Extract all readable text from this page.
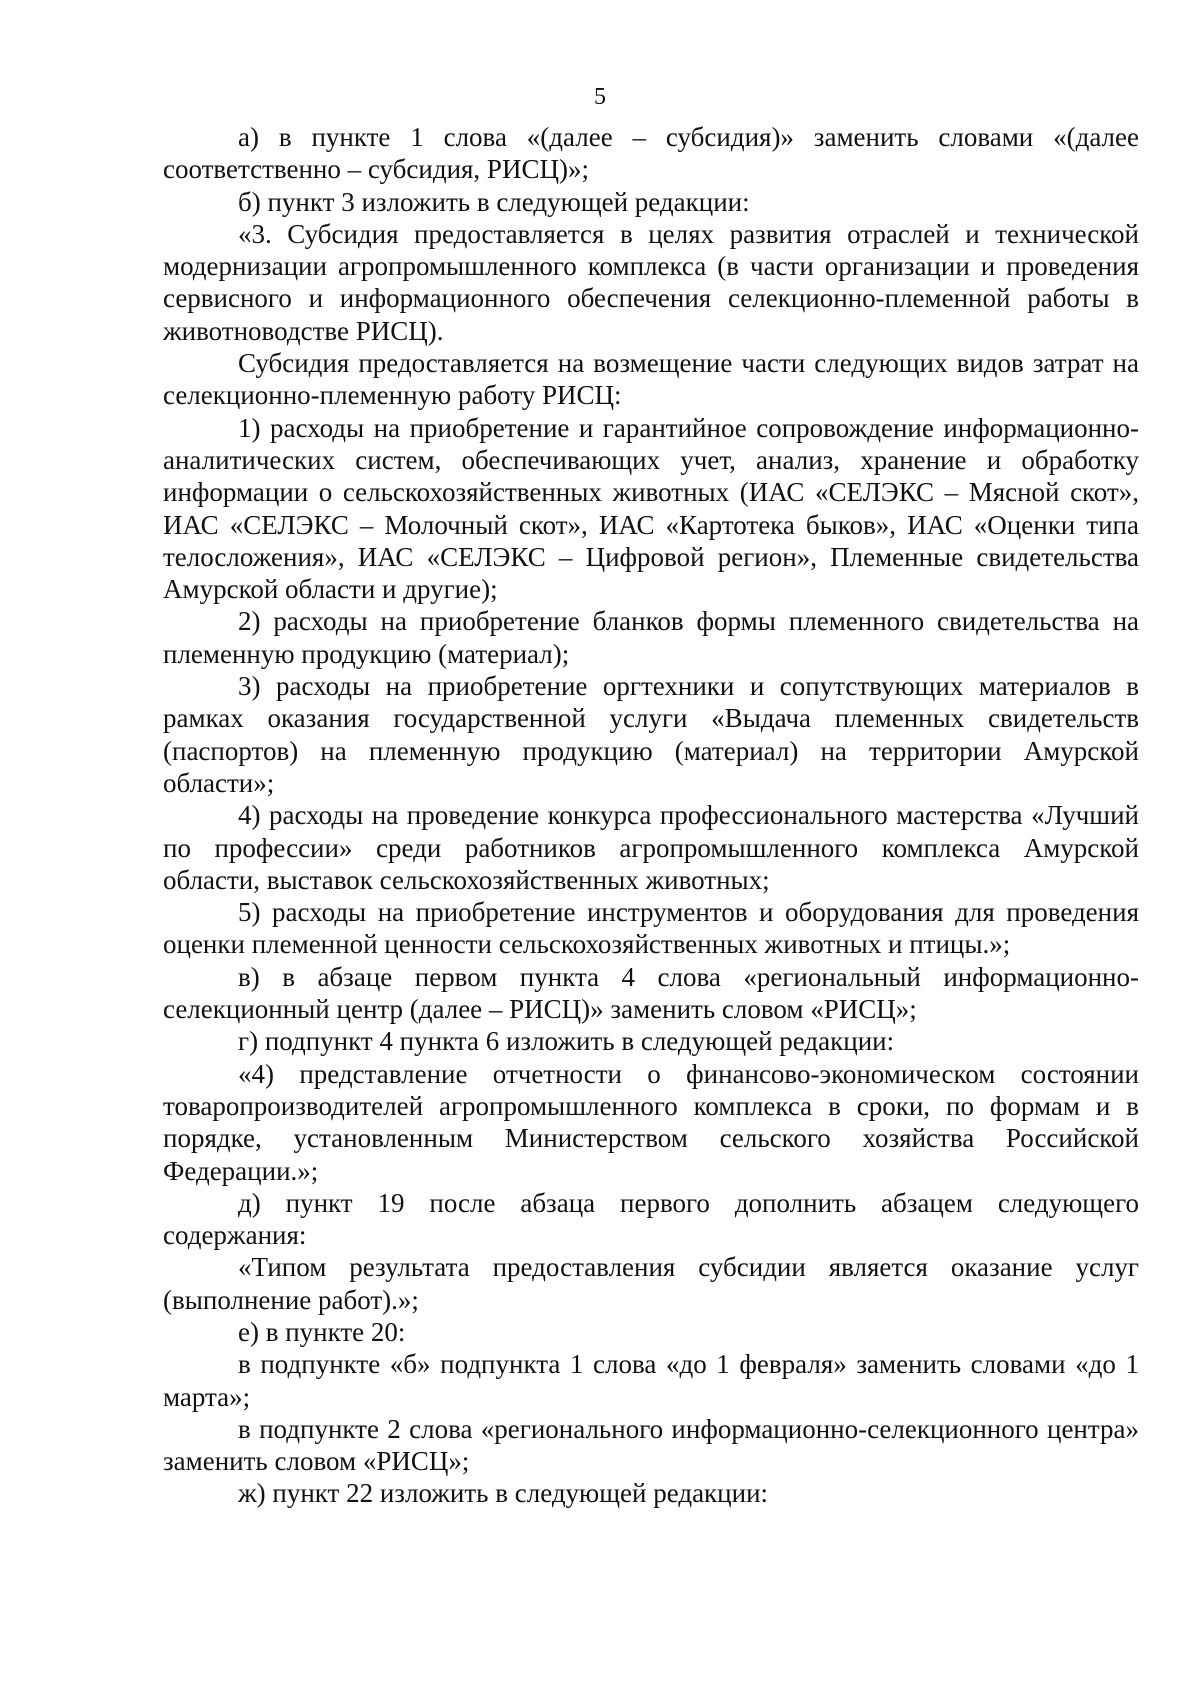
5

а) в пункте 1 слова «(далее – субсидия)» заменить словами «(далее соответственно – субсидия, РИСЦ)»;

б) пункт 3 изложить в следующей редакции:

«3. Субсидия предоставляется в целях развития отраслей и технической модернизации агропромышленного комплекса (в части организации и проведения сервисного и информационного обеспечения селекционно-племенной работы в животноводстве РИСЦ).

Субсидия предоставляется на возмещение части следующих видов затрат на селекционно-племенную работу РИСЦ:

1) расходы на приобретение и гарантийное сопровождение информационно-аналитических систем, обеспечивающих учет, анализ, хранение и обработку информации о сельскохозяйственных животных (ИАС «СЕЛЭКС – Мясной скот», ИАС «СЕЛЭКС – Молочный скот», ИАС «Картотека быков», ИАС «Оценки типа телосложения», ИАС «СЕЛЭКС – Цифровой регион», Племенные свидетельства Амурской области и другие);

2) расходы на приобретение бланков формы племенного свидетельства на племенную продукцию (материал);

3) расходы на приобретение оргтехники и сопутствующих материалов в рамках оказания государственной услуги «Выдача племенных свидетельств (паспортов) на племенную продукцию (материал) на территории Амурской области»;

4) расходы на проведение конкурса профессионального мастерства «Лучший по профессии» среди работников агропромышленного комплекса Амурской области, выставок сельскохозяйственных животных;

5) расходы на приобретение инструментов и оборудования для проведения оценки племенной ценности сельскохозяйственных животных и птицы.»;

в) в абзаце первом пункта 4 слова «региональный информационно-селекционный центр (далее – РИСЦ)» заменить словом «РИСЦ»;

г) подпункт 4 пункта 6 изложить в следующей редакции:

«4) представление отчетности о финансово-экономическом состоянии товаропроизводителей агропромышленного комплекса в сроки, по формам и в порядке, установленным Министерством сельского хозяйства Российской Федерации.»;

д) пункт 19 после абзаца первого дополнить абзацем следующего содержания:

«Типом результата предоставления субсидии является оказание услуг (выполнение работ).»;

е) в пункте 20:

в подпункте «б» подпункта 1 слова «до 1 февраля» заменить словами «до 1 марта»;

в подпункте 2 слова «регионального информационно-селекционного центра» заменить словом «РИСЦ»;

ж) пункт 22 изложить в следующей редакции:
